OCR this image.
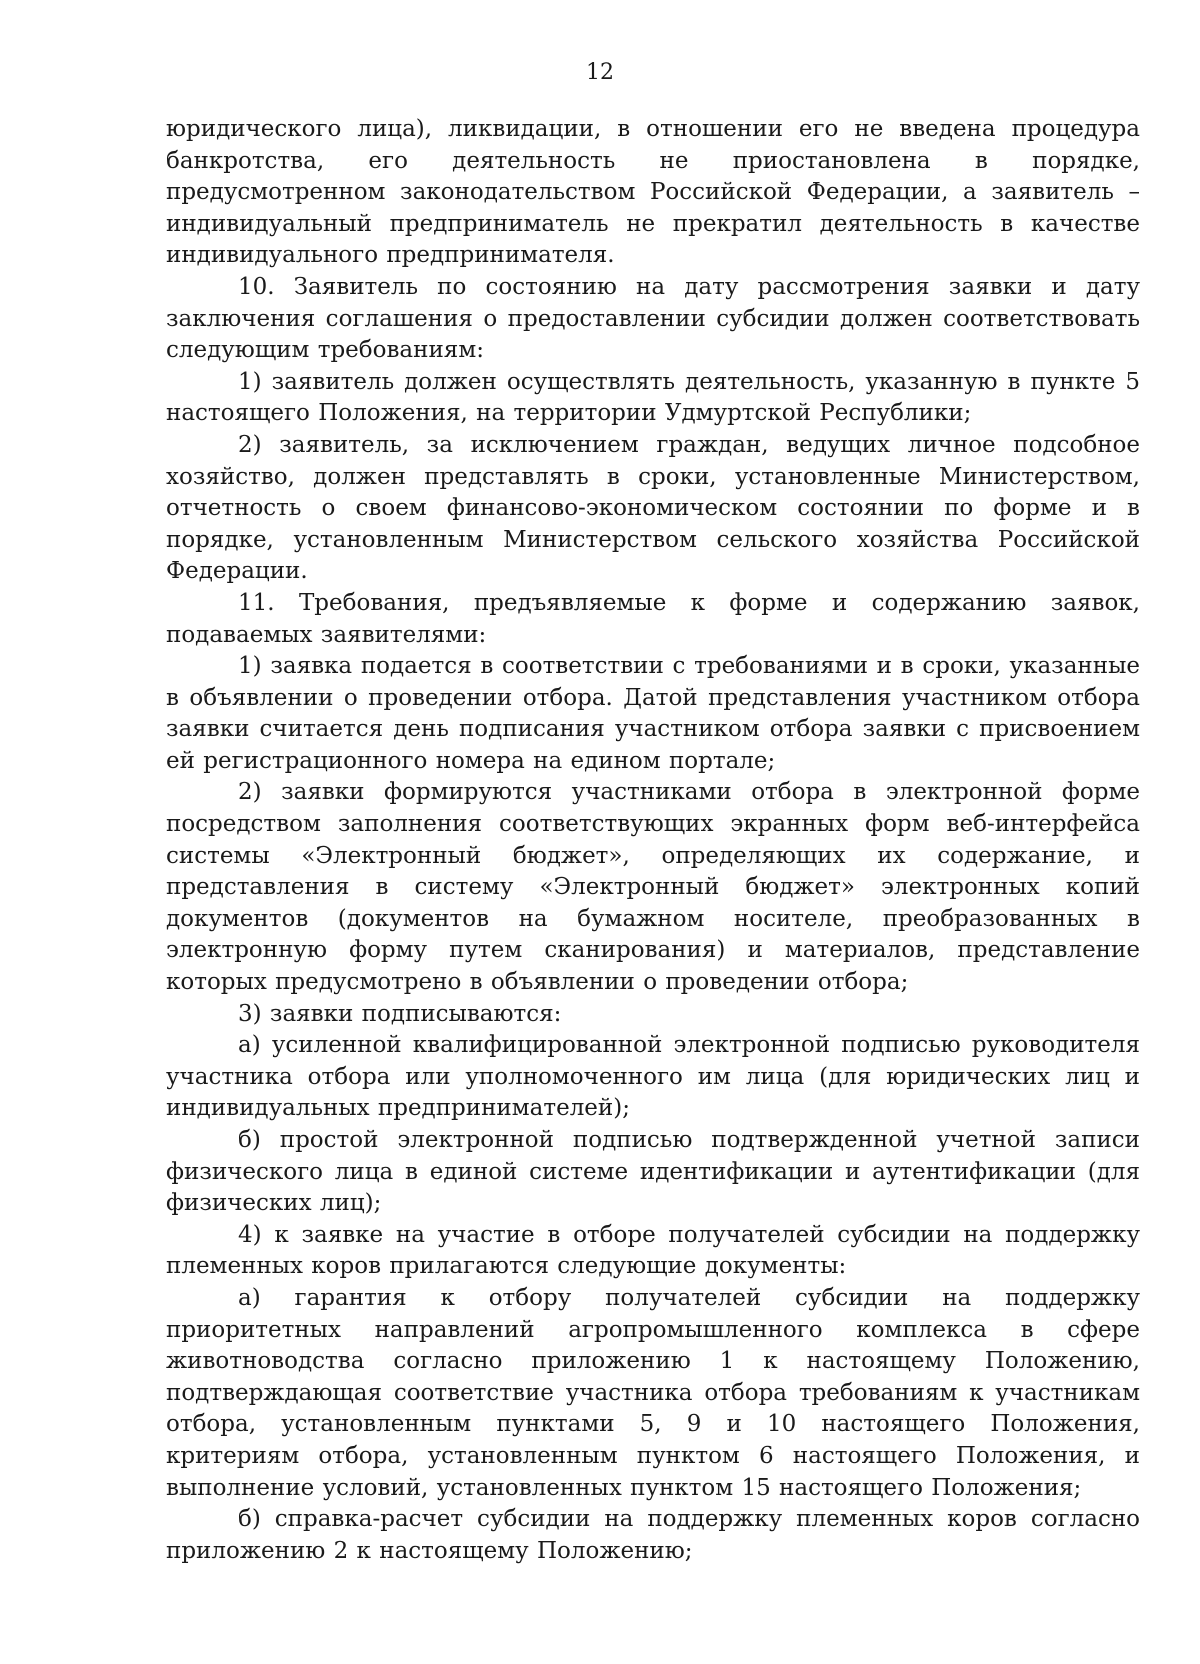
12

юридического лица), ликвидации, в отношении его не введена процедура банкротства, его деятельность не приостановлена в порядке, предусмотренном законодательством Российской Федерации, а заявитель – индивидуальный предприниматель не прекратил деятельность в качестве индивидуального предпринимателя.

10. Заявитель по состоянию на дату рассмотрения заявки и дату заключения соглашения о предоставлении субсидии должен соответствовать следующим требованиям:

1) заявитель должен осуществлять деятельность, указанную в пункте 5 настоящего Положения, на территории Удмуртской Республики;

2) заявитель, за исключением граждан, ведущих личное подсобное хозяйство, должен представлять в сроки, установленные Министерством, отчетность о своем финансово-экономическом состоянии по форме и в порядке, установленным Министерством сельского хозяйства Российской Федерации.

11. Требования, предъявляемые к форме и содержанию заявок, подаваемых заявителями:

1) заявка подается в соответствии с требованиями и в сроки, указанные в объявлении о проведении отбора. Датой представления участником отбора заявки считается день подписания участником отбора заявки с присвоением ей регистрационного номера на едином портале;

2) заявки формируются участниками отбора в электронной форме посредством заполнения соответствующих экранных форм веб-интерфейса системы «Электронный бюджет», определяющих их содержание, и представления в систему «Электронный бюджет» электронных копий документов (документов на бумажном носителе, преобразованных в электронную форму путем сканирования) и материалов, представление которых предусмотрено в объявлении о проведении отбора;

3) заявки подписываются:

а) усиленной квалифицированной электронной подписью руководителя участника отбора или уполномоченного им лица (для юридических лиц и индивидуальных предпринимателей);

б) простой электронной подписью подтвержденной учетной записи физического лица в единой системе идентификации и аутентификации (для физических лиц);

4) к заявке на участие в отборе получателей субсидии на поддержку племенных коров прилагаются следующие документы:

а) гарантия к отбору получателей субсидии на поддержку приоритетных направлений агропромышленного комплекса в сфере животноводства согласно приложению 1 к настоящему Положению, подтверждающая соответствие участника отбора требованиям к участникам отбора, установленным пунктами 5, 9 и 10 настоящего Положения, критериям отбора, установленным пунктом 6 настоящего Положения, и выполнение условий, установленных пунктом 15 настоящего Положения;

б) справка-расчет субсидии на поддержку племенных коров согласно приложению 2 к настоящему Положению;
